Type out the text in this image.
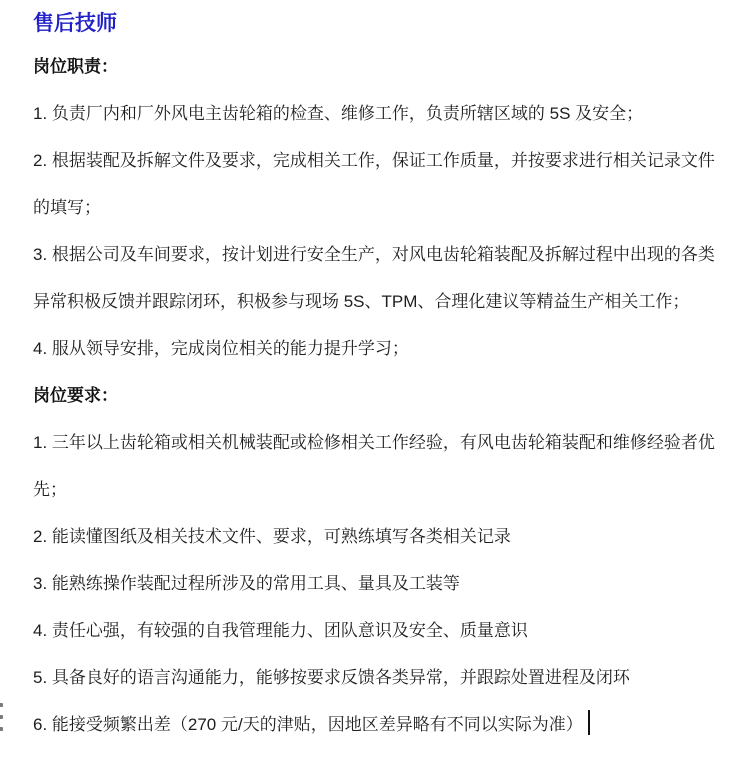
售后技师
岗位职责：
1. 负责厂内和厂外风电主齿轮箱的检查、维修工作，负责所辖区域的 5S 及安全；
2. 根据装配及拆解文件及要求，完成相关工作，保证工作质量，并按要求进行相关记录文件
的填写；
3. 根据公司及车间要求，按计划进行安全生产，对风电齿轮箱装配及拆解过程中出现的各类
异常积极反馈并跟踪闭环，积极参与现场 5S、TPM、合理化建议等精益生产相关工作；
4. 服从领导安排，完成岗位相关的能力提升学习；
岗位要求：
1. 三年以上齿轮箱或相关机械装配或检修相关工作经验，有风电齿轮箱装配和维修经验者优
先；
2. 能读懂图纸及相关技术文件、要求，可熟练填写各类相关记录
3. 能熟练操作装配过程所涉及的常用工具、量具及工装等
4. 责任心强，有较强的自我管理能力、团队意识及安全、质量意识
5. 具备良好的语言沟通能力，能够按要求反馈各类异常，并跟踪处置进程及闭环
6. 能接受频繁出差（270 元/天的津贴，因地区差异略有不同以实际为准）
